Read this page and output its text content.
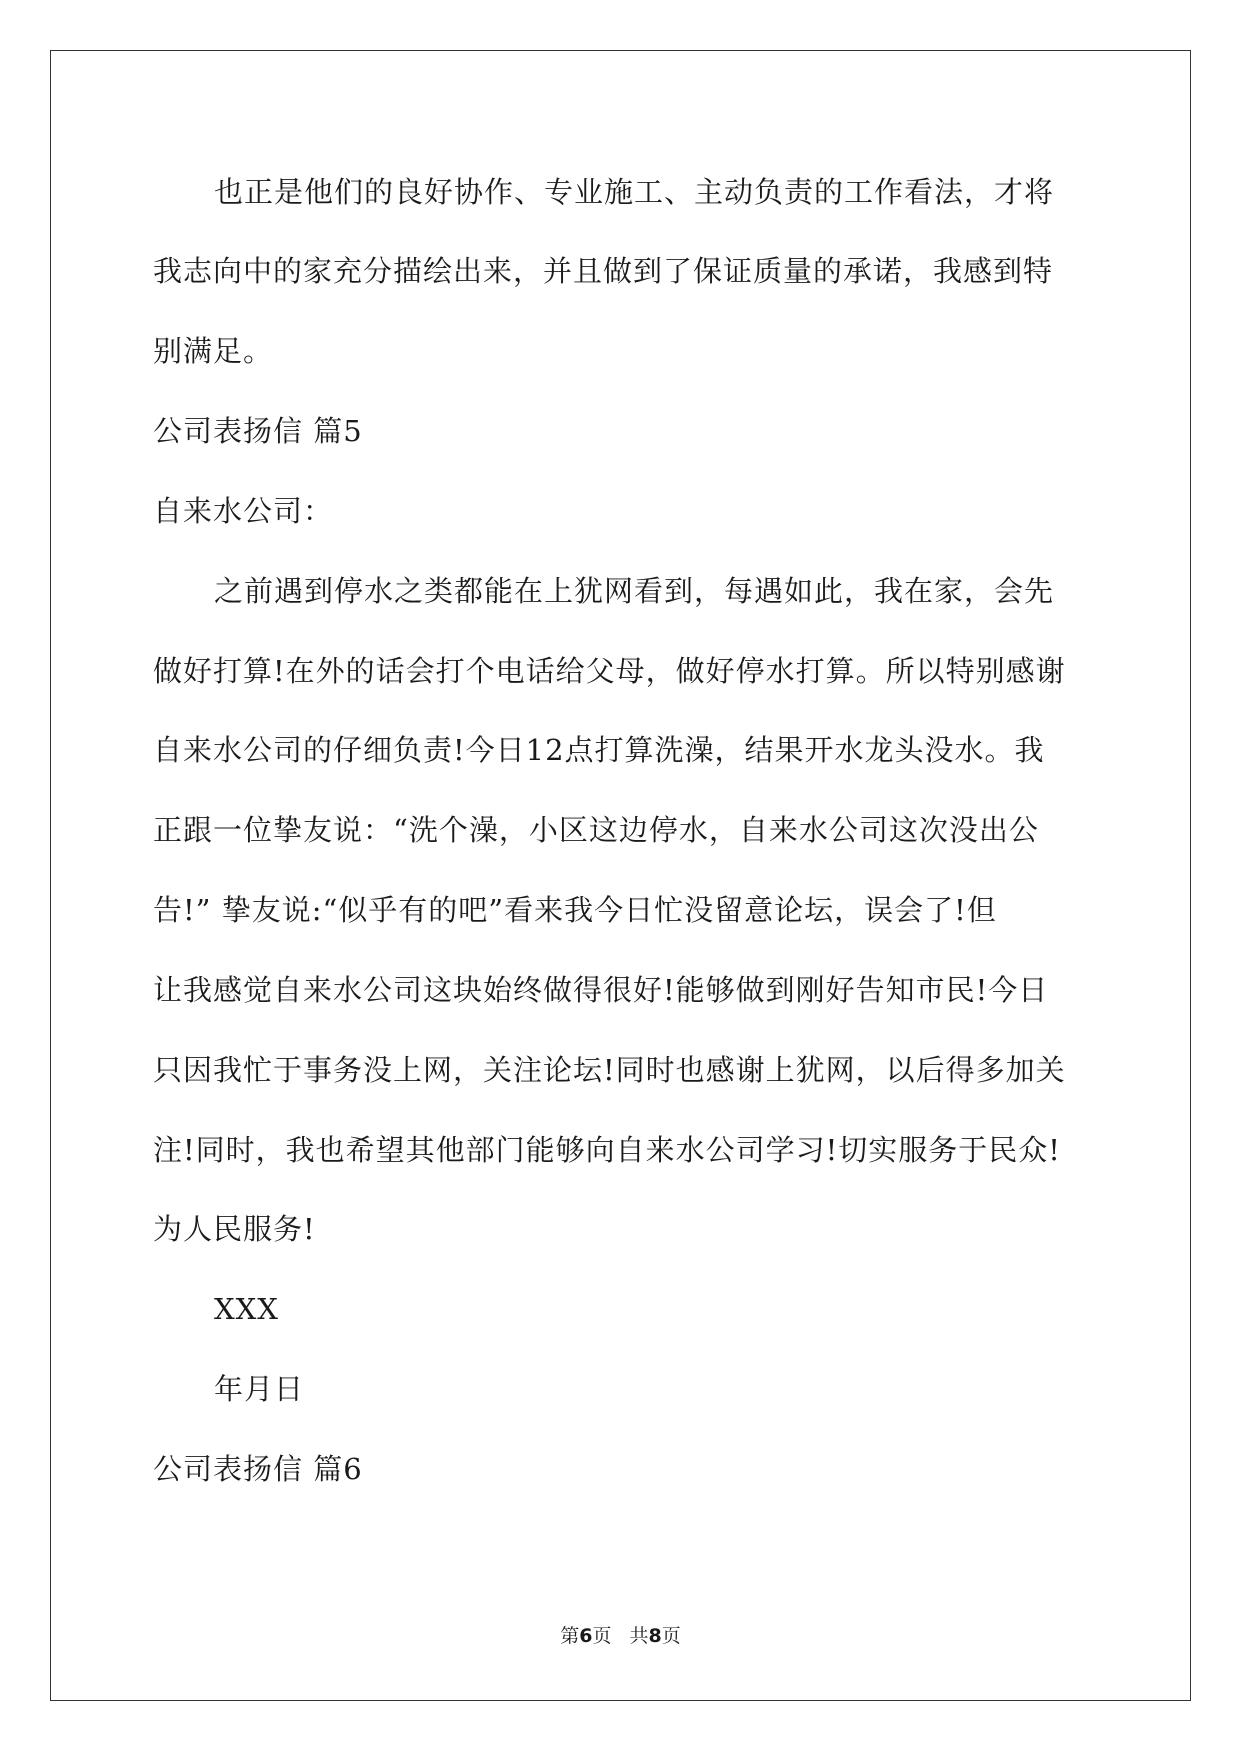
也正是他们的良好协作、专业施工、主动负责的工作看法，才将
我志向中的家充分描绘出来，并且做到了保证质量的承诺，我感到特
别满足。
公司表扬信 篇5
自来水公司：
之前遇到停水之类都能在上犹网看到，每遇如此，我在家，会先
做好打算!在外的话会打个电话给父母，做好停水打算。所以特别感谢
自来水公司的仔细负责!今日12点打算洗澡，结果开水龙头没水。我
正跟一位挚友说：“洗个澡，小区这边停水，自来水公司这次没出公
告!” 挚友说:“似乎有的吧”看来我今日忙没留意论坛，误会了!但
让我感觉自来水公司这块始终做得很好!能够做到刚好告知市民!今日
只因我忙于事务没上网，关注论坛!同时也感谢上犹网，以后得多加关
注!同时，我也希望其他部门能够向自来水公司学习!切实服务于民众!
为人民服务!
XXX
年月日
公司表扬信 篇6
第6页 共8页
